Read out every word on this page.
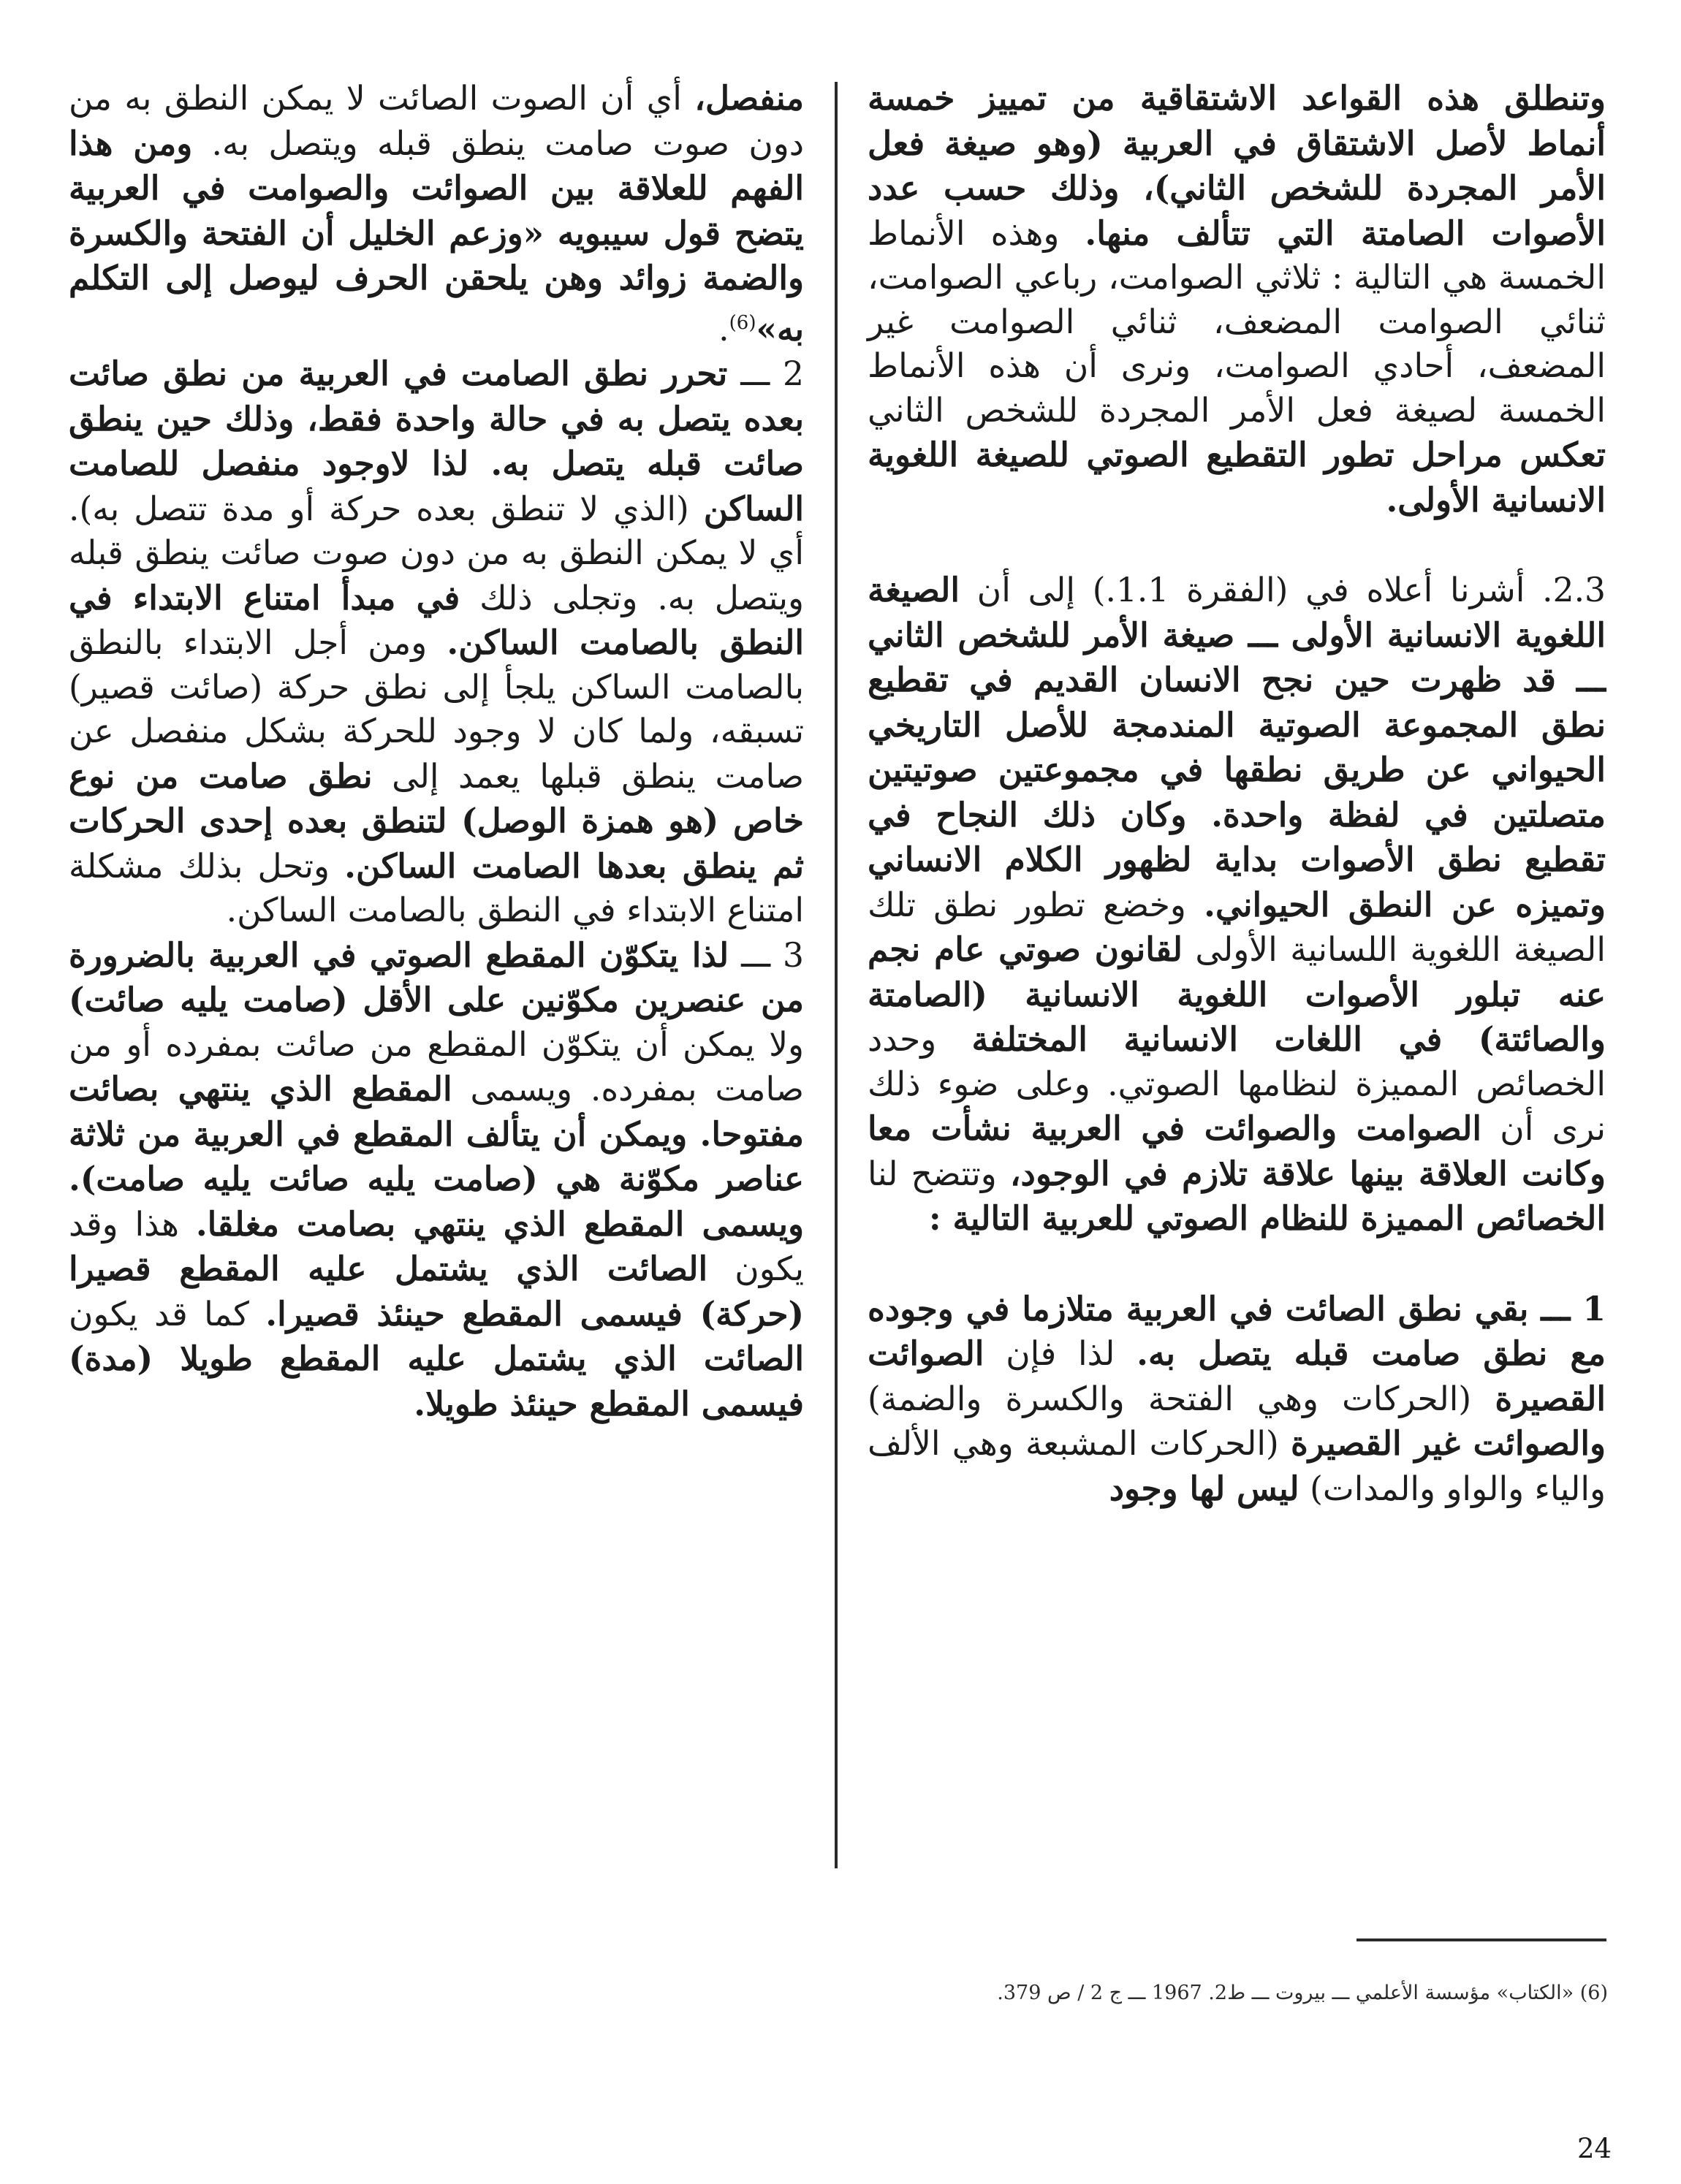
وتنطلق هذه القواعد الاشتقاقية من تمييز خمسة أنماط لأصل الاشتقاق في العربية (وهو صيغة فعل الأمر المجردة للشخص الثاني)، وذلك حسب عدد الأصوات الصامتة التي تتألف منها. وهذه الأنماط الخمسة هي التالية : ثلاثي الصوامت، رباعي الصوامت، ثنائي الصوامت المضعف، ثنائي الصوامت غير المضعف، أحادي الصوامت، ونرى أن هذه الأنماط الخمسة لصيغة فعل الأمر المجردة للشخص الثاني تعكس مراحل تطور التقطيع الصوتي للصيغة اللغوية الانسانية الأولى.

2.3. أشرنا أعلاه في (الفقرة 1.1.) إلى أن الصيغة اللغوية الانسانية الأولى ـــ صيغة الأمر للشخص الثاني ـــ قد ظهرت حين نجح الانسان القديم في تقطيع نطق المجموعة الصوتية المندمجة للأصل التاريخي الحيواني عن طريق نطقها في مجموعتين صوتيتين متصلتين في لفظة واحدة. وكان ذلك النجاح في تقطيع نطق الأصوات بداية لظهور الكلام الانساني وتميزه عن النطق الحيواني. وخضع تطور نطق تلك الصيغة اللغوية اللسانية الأولى لقانون صوتي عام نجم عنه تبلور الأصوات اللغوية الانسانية (الصامتة والصائتة) في اللغات الانسانية المختلفة وحدد الخصائص المميزة لنظامها الصوتي. وعلى ضوء ذلك نرى أن الصوامت والصوائت في العربية نشأت معا وكانت العلاقة بينها علاقة تلازم في الوجود، وتتضح لنا الخصائص المميزة للنظام الصوتي للعربية التالية :

1 ـــ بقي نطق الصائت في العربية متلازما في وجوده مع نطق صامت قبله يتصل به. لذا فإن الصوائت القصيرة (الحركات وهي الفتحة والكسرة والضمة) والصوائت غير القصيرة (الحركات المشبعة وهي الألف والياء والواو والمدات) ليس لها وجود

منفصل، أي أن الصوت الصائت لا يمكن النطق به من دون صوت صامت ينطق قبله ويتصل به. ومن هذا الفهم للعلاقة بين الصوائت والصوامت في العربية يتضح قول سيبويه «وزعم الخليل أن الفتحة والكسرة والضمة زوائد وهن يلحقن الحرف ليوصل إلى التكلم به»$^{(6)}$.

2 ـــ تحرر نطق الصامت في العربية من نطق صائت بعده يتصل به في حالة واحدة فقط، وذلك حين ينطق صائت قبله يتصل به. لذا لاوجود منفصل للصامت الساكن (الذي لا تنطق بعده حركة أو مدة تتصل به). أي لا يمكن النطق به من دون صوت صائت ينطق قبله ويتصل به. وتجلى ذلك في مبدأ امتناع الابتداء في النطق بالصامت الساكن. ومن أجل الابتداء بالنطق بالصامت الساكن يلجأ إلى نطق حركة (صائت قصير) تسبقه، ولما كان لا وجود للحركة بشكل منفصل عن صامت ينطق قبلها يعمد إلى نطق صامت من نوع خاص (هو همزة الوصل) لتنطق بعده إحدى الحركات ثم ينطق بعدها الصامت الساكن. وتحل بذلك مشكلة امتناع الابتداء في النطق بالصامت الساكن.

3 ـــ لذا يتكوّن المقطع الصوتي في العربية بالضرورة من عنصرين مكوّنين على الأقل (صامت يليه صائت) ولا يمكن أن يتكوّن المقطع من صائت بمفرده أو من صامت بمفرده. ويسمى المقطع الذي ينتهي بصائت مفتوحا. ويمكن أن يتألف المقطع في العربية من ثلاثة عناصر مكوّنة هي (صامت يليه صائت يليه صامت). ويسمى المقطع الذي ينتهي بصامت مغلقا. هذا وقد يكون الصائت الذي يشتمل عليه المقطع قصيرا (حركة) فيسمى المقطع حينئذ قصيرا. كما قد يكون الصائت الذي يشتمل عليه المقطع طويلا (مدة) فيسمى المقطع حينئذ طويلا.

(6) «الكتاب» مؤسسة الأعلمي ـــ بيروت ـــ ط2. 1967 ـــ ج 2 / ص 379.
24
